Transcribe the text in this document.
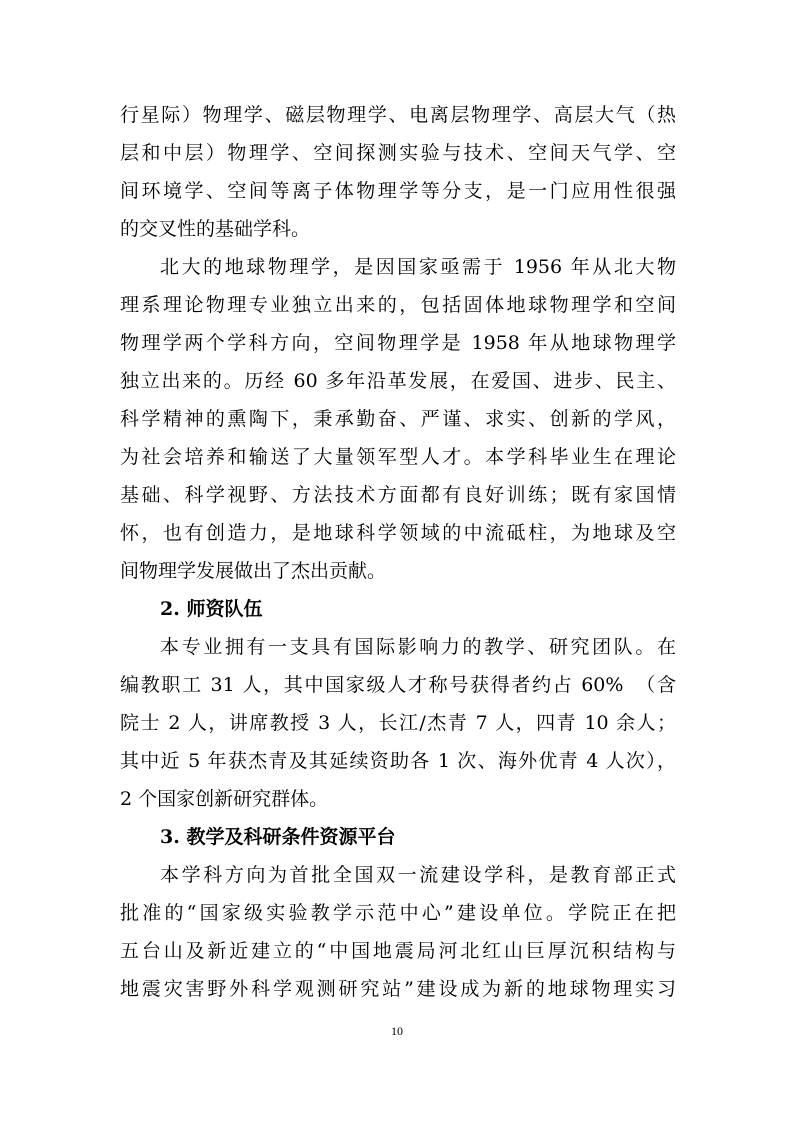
行星际）物理学、磁层物理学、电离层物理学、高层大气（热
层和中层）物理学、空间探测实验与技术、空间天气学、空
间环境学、空间等离子体物理学等分支，是一门应用性很强
的交叉性的基础学科。
北大的地球物理学，是因国家亟需于 1956 年从北大物
理系理论物理专业独立出来的，包括固体地球物理学和空间
物理学两个学科方向，空间物理学是 1958 年从地球物理学
独立出来的。历经 60 多年沿革发展，在爱国、进步、民主、
科学精神的熏陶下，秉承勤奋、严谨、求实、创新的学风，
为社会培养和输送了大量领军型人才。本学科毕业生在理论
基础、科学视野、方法技术方面都有良好训练；既有家国情
怀，也有创造力，是地球科学领域的中流砥柱，为地球及空
间物理学发展做出了杰出贡献。
2. 师资队伍
本专业拥有一支具有国际影响力的教学、研究团队。在
编教职工 31 人，其中国家级人才称号获得者约占 60%　（含
院士 2 人，讲席教授 3 人，长江/杰青 7 人，四青 10 余人；
其中近 5 年获杰青及其延续资助各 1 次、海外优青 4 人次），
2 个国家创新研究群体。
3. 教学及科研条件资源平台
本学科方向为首批全国双一流建设学科，是教育部正式
批准的“国家级实验教学示范中心”建设单位。学院正在把
五台山及新近建立的“中国地震局河北红山巨厚沉积结构与
地震灾害野外科学观测研究站”建设成为新的地球物理实习
10
